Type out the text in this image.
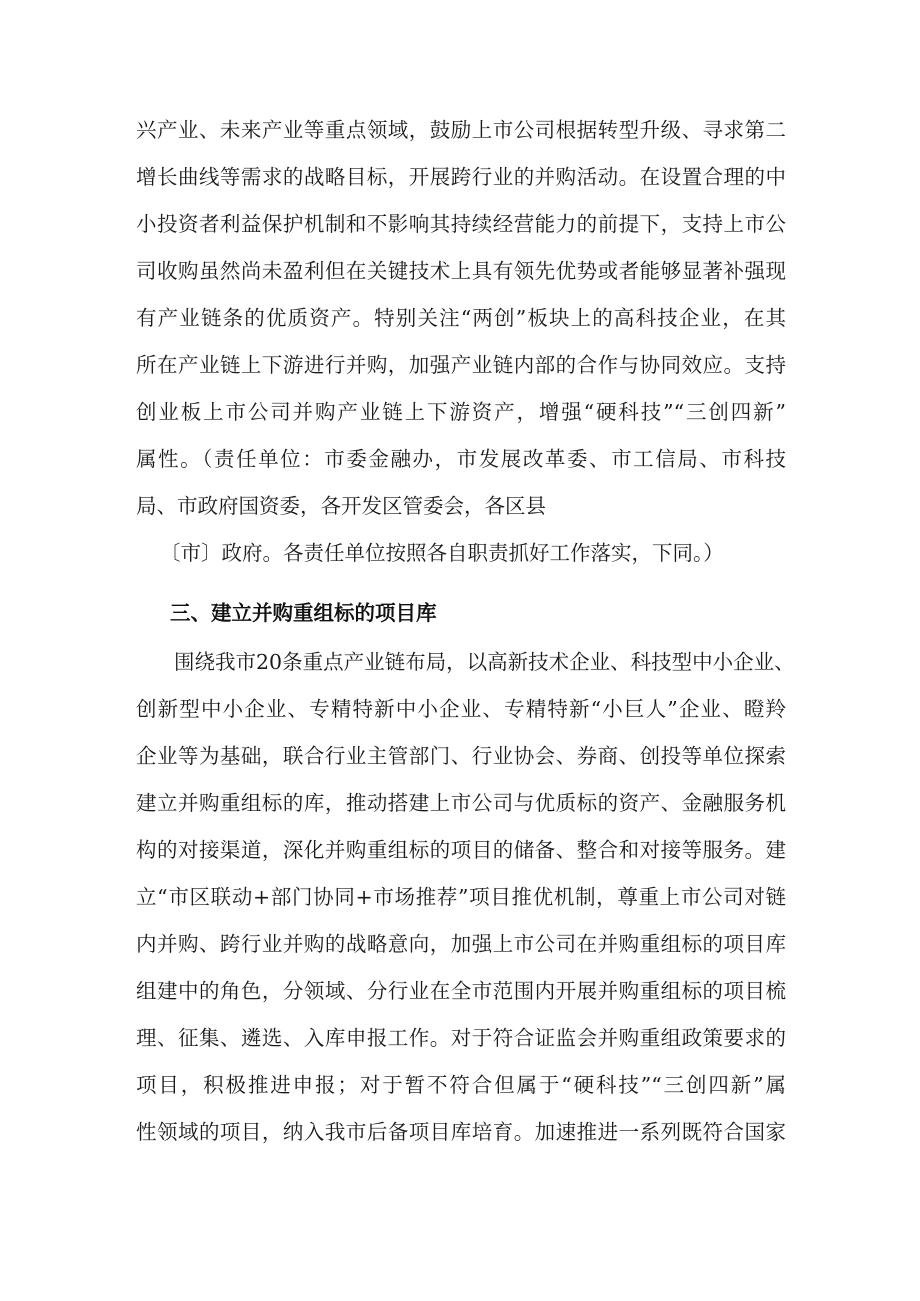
兴产业、未来产业等重点领域，鼓励上市公司根据转型升级、寻求第二
增长曲线等需求的战略目标，开展跨行业的并购活动。在设置合理的中
小投资者利益保护机制和不影响其持续经营能力的前提下，支持上市公
司收购虽然尚未盈利但在关键技术上具有领先优势或者能够显著补强现
有产业链条的优质资产。特别关注“两创”板块上的高科技企业，在其
所在产业链上下游进行并购，加强产业链内部的合作与协同效应。支持
创业板上市公司并购产业链上下游资产，增强“硬科技”“三创四新”
属性。（责任单位：市委金融办，市发展改革委、市工信局、市科技
局、市政府国资委，各开发区管委会，各区县
〔市〕政府。各责任单位按照各自职责抓好工作落实，下同。）
三、建立并购重组标的项目库
围绕我市20条重点产业链布局，以高新技术企业、科技型中小企业、
创新型中小企业、专精特新中小企业、专精特新“小巨人”企业、瞪羚
企业等为基础，联合行业主管部门、行业协会、券商、创投等单位探索
建立并购重组标的库，推动搭建上市公司与优质标的资产、金融服务机
构的对接渠道，深化并购重组标的项目的储备、整合和对接等服务。建
立“市区联动+部门协同+市场推荐”项目推优机制，尊重上市公司对链
内并购、跨行业并购的战略意向，加强上市公司在并购重组标的项目库
组建中的角色，分领域、分行业在全市范围内开展并购重组标的项目梳
理、征集、遴选、入库申报工作。对于符合证监会并购重组政策要求的
项目，积极推进申报；对于暂不符合但属于“硬科技”“三创四新”属
性领域的项目，纳入我市后备项目库培育。加速推进一系列既符合国家
